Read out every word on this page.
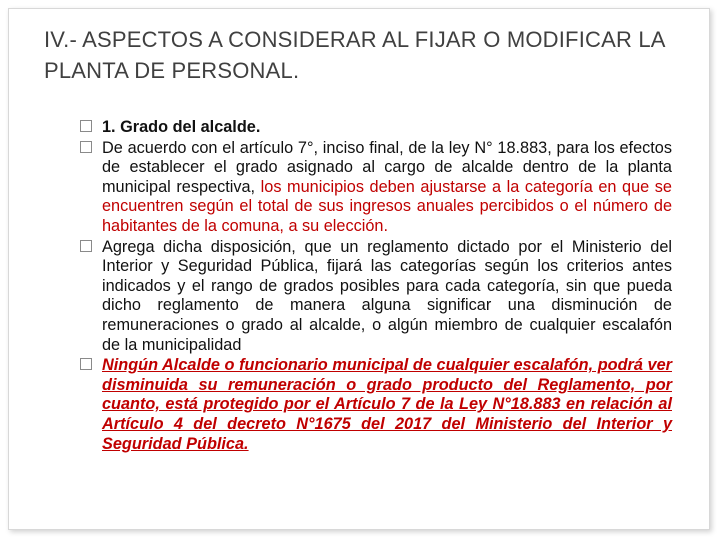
IV.- ASPECTOS A CONSIDERAR AL FIJAR O MODIFICAR LA PLANTA DE PERSONAL.
1. Grado del alcalde.
De acuerdo con el artículo 7°, inciso final, de la ley N° 18.883, para los efectos de establecer el grado asignado al cargo de alcalde dentro de la planta municipal respectiva, los municipios deben ajustarse a la categoría en que se encuentren según el total de sus ingresos anuales percibidos o el número de habitantes de la comuna, a su elección.
Agrega dicha disposición, que un reglamento dictado por el Ministerio del Interior y Seguridad Pública, fijará las categorías según los criterios antes indicados y el rango de grados posibles para cada categoría, sin que pueda dicho reglamento de manera alguna significar una disminución de remuneraciones o grado al alcalde, o algún miembro de cualquier escalafón de la municipalidad
Ningún Alcalde o funcionario municipal de cualquier escalafón, podrá ver disminuida su remuneración o grado producto del Reglamento, por cuanto, está protegido por el Artículo 7 de la Ley N°18.883 en relación al Artículo 4 del decreto N°1675 del 2017 del Ministerio del Interior y Seguridad Pública.
